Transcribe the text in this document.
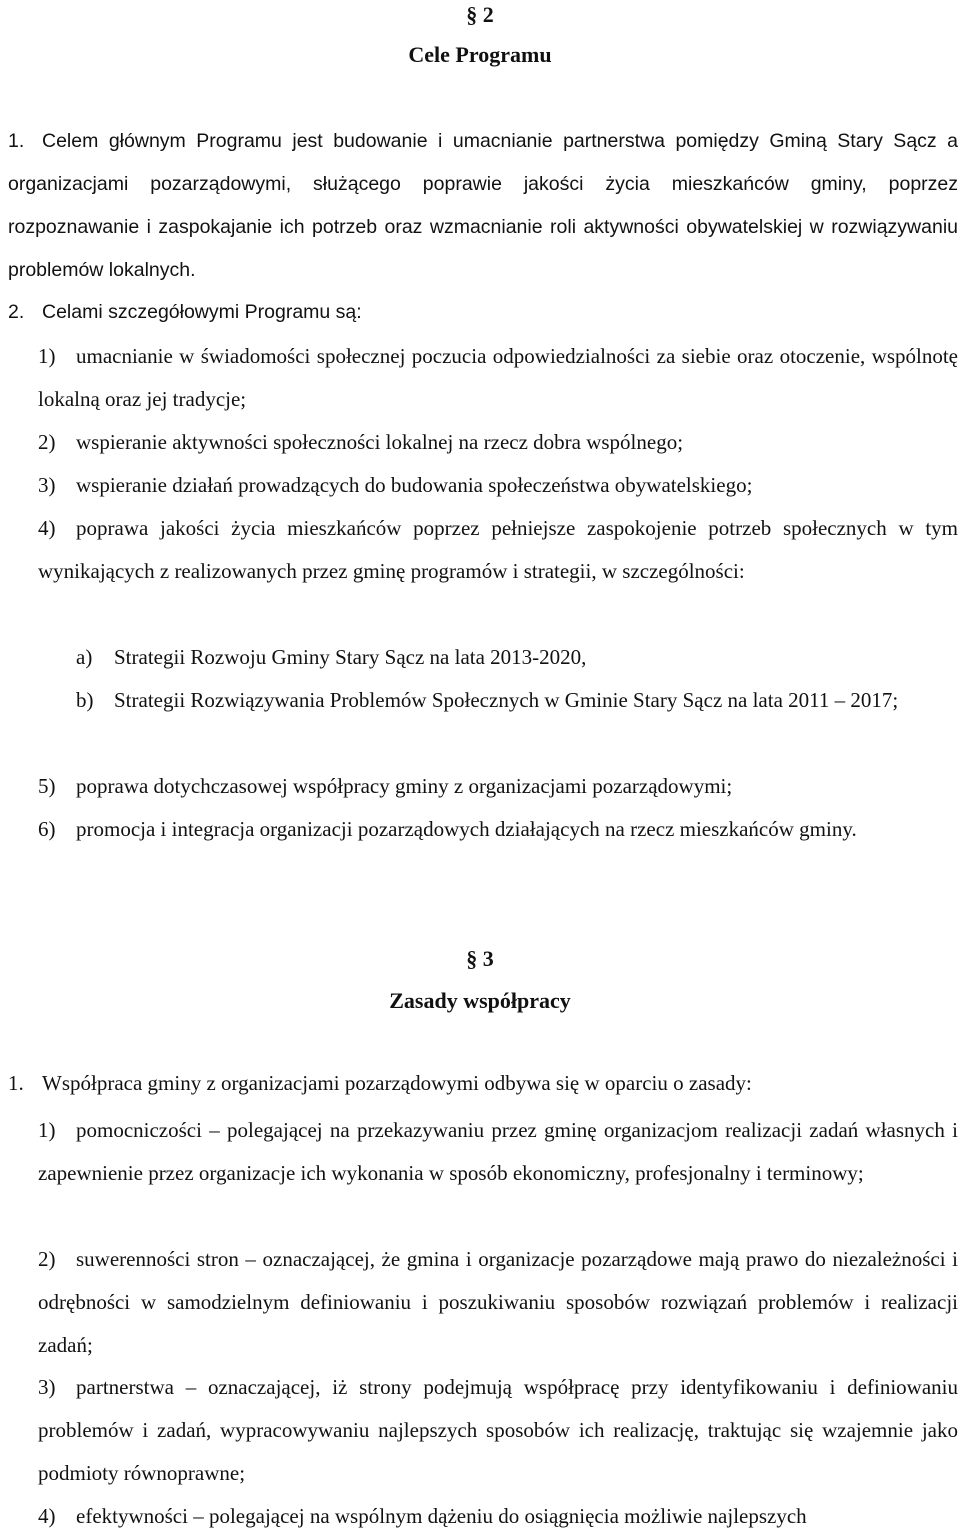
§ 2
Cele Programu
1. Celem głównym Programu jest budowanie i umacnianie partnerstwa pomiędzy Gminą Stary Sącz a organizacjami pozarządowymi, służącego poprawie jakości życia mieszkańców gminy, poprzez rozpoznawanie i zaspokajanie ich potrzeb oraz wzmacnianie roli aktywności obywatelskiej w rozwiązywaniu problemów lokalnych.
2. Celami szczegółowymi Programu są:
1) umacnianie w świadomości społecznej poczucia odpowiedzialności za siebie oraz otoczenie, wspólnotę lokalną oraz jej tradycje;
2) wspieranie aktywności społeczności lokalnej na rzecz dobra wspólnego;
3) wspieranie działań prowadzących do budowania społeczeństwa obywatelskiego;
4) poprawa jakości życia mieszkańców poprzez pełniejsze zaspokojenie potrzeb społecznych w tym wynikających z realizowanych przez gminę programów i strategii, w szczególności:
a) Strategii Rozwoju Gminy Stary Sącz na lata 2013-2020,
b) Strategii Rozwiązywania Problemów Społecznych w Gminie Stary Sącz na lata 2011 – 2017;
5) poprawa dotychczasowej współpracy gminy z organizacjami pozarządowymi;
6) promocja i integracja organizacji pozarządowych działających na rzecz mieszkańców gminy.
§ 3
Zasady współpracy
1. Współpraca gminy z organizacjami pozarządowymi odbywa się w oparciu o zasady:
1) pomocniczości – polegającej na przekazywaniu przez gminę organizacjom realizacji zadań własnych i zapewnienie przez organizacje ich wykonania w sposób ekonomiczny, profesjonalny i terminowy;
2) suwerenności stron – oznaczającej, że gmina i organizacje pozarządowe mają prawo do niezależności i odrębności w samodzielnym definiowaniu i poszukiwaniu sposobów rozwiązań problemów i realizacji zadań;
3) partnerstwa – oznaczającej, iż strony podejmują współpracę przy identyfikowaniu i definiowaniu problemów i zadań, wypracowywaniu najlepszych sposobów ich realizację, traktując się wzajemnie jako podmioty równoprawne;
4) efektywności – polegającej na wspólnym dążeniu do osiągnięcia możliwie najlepszych
